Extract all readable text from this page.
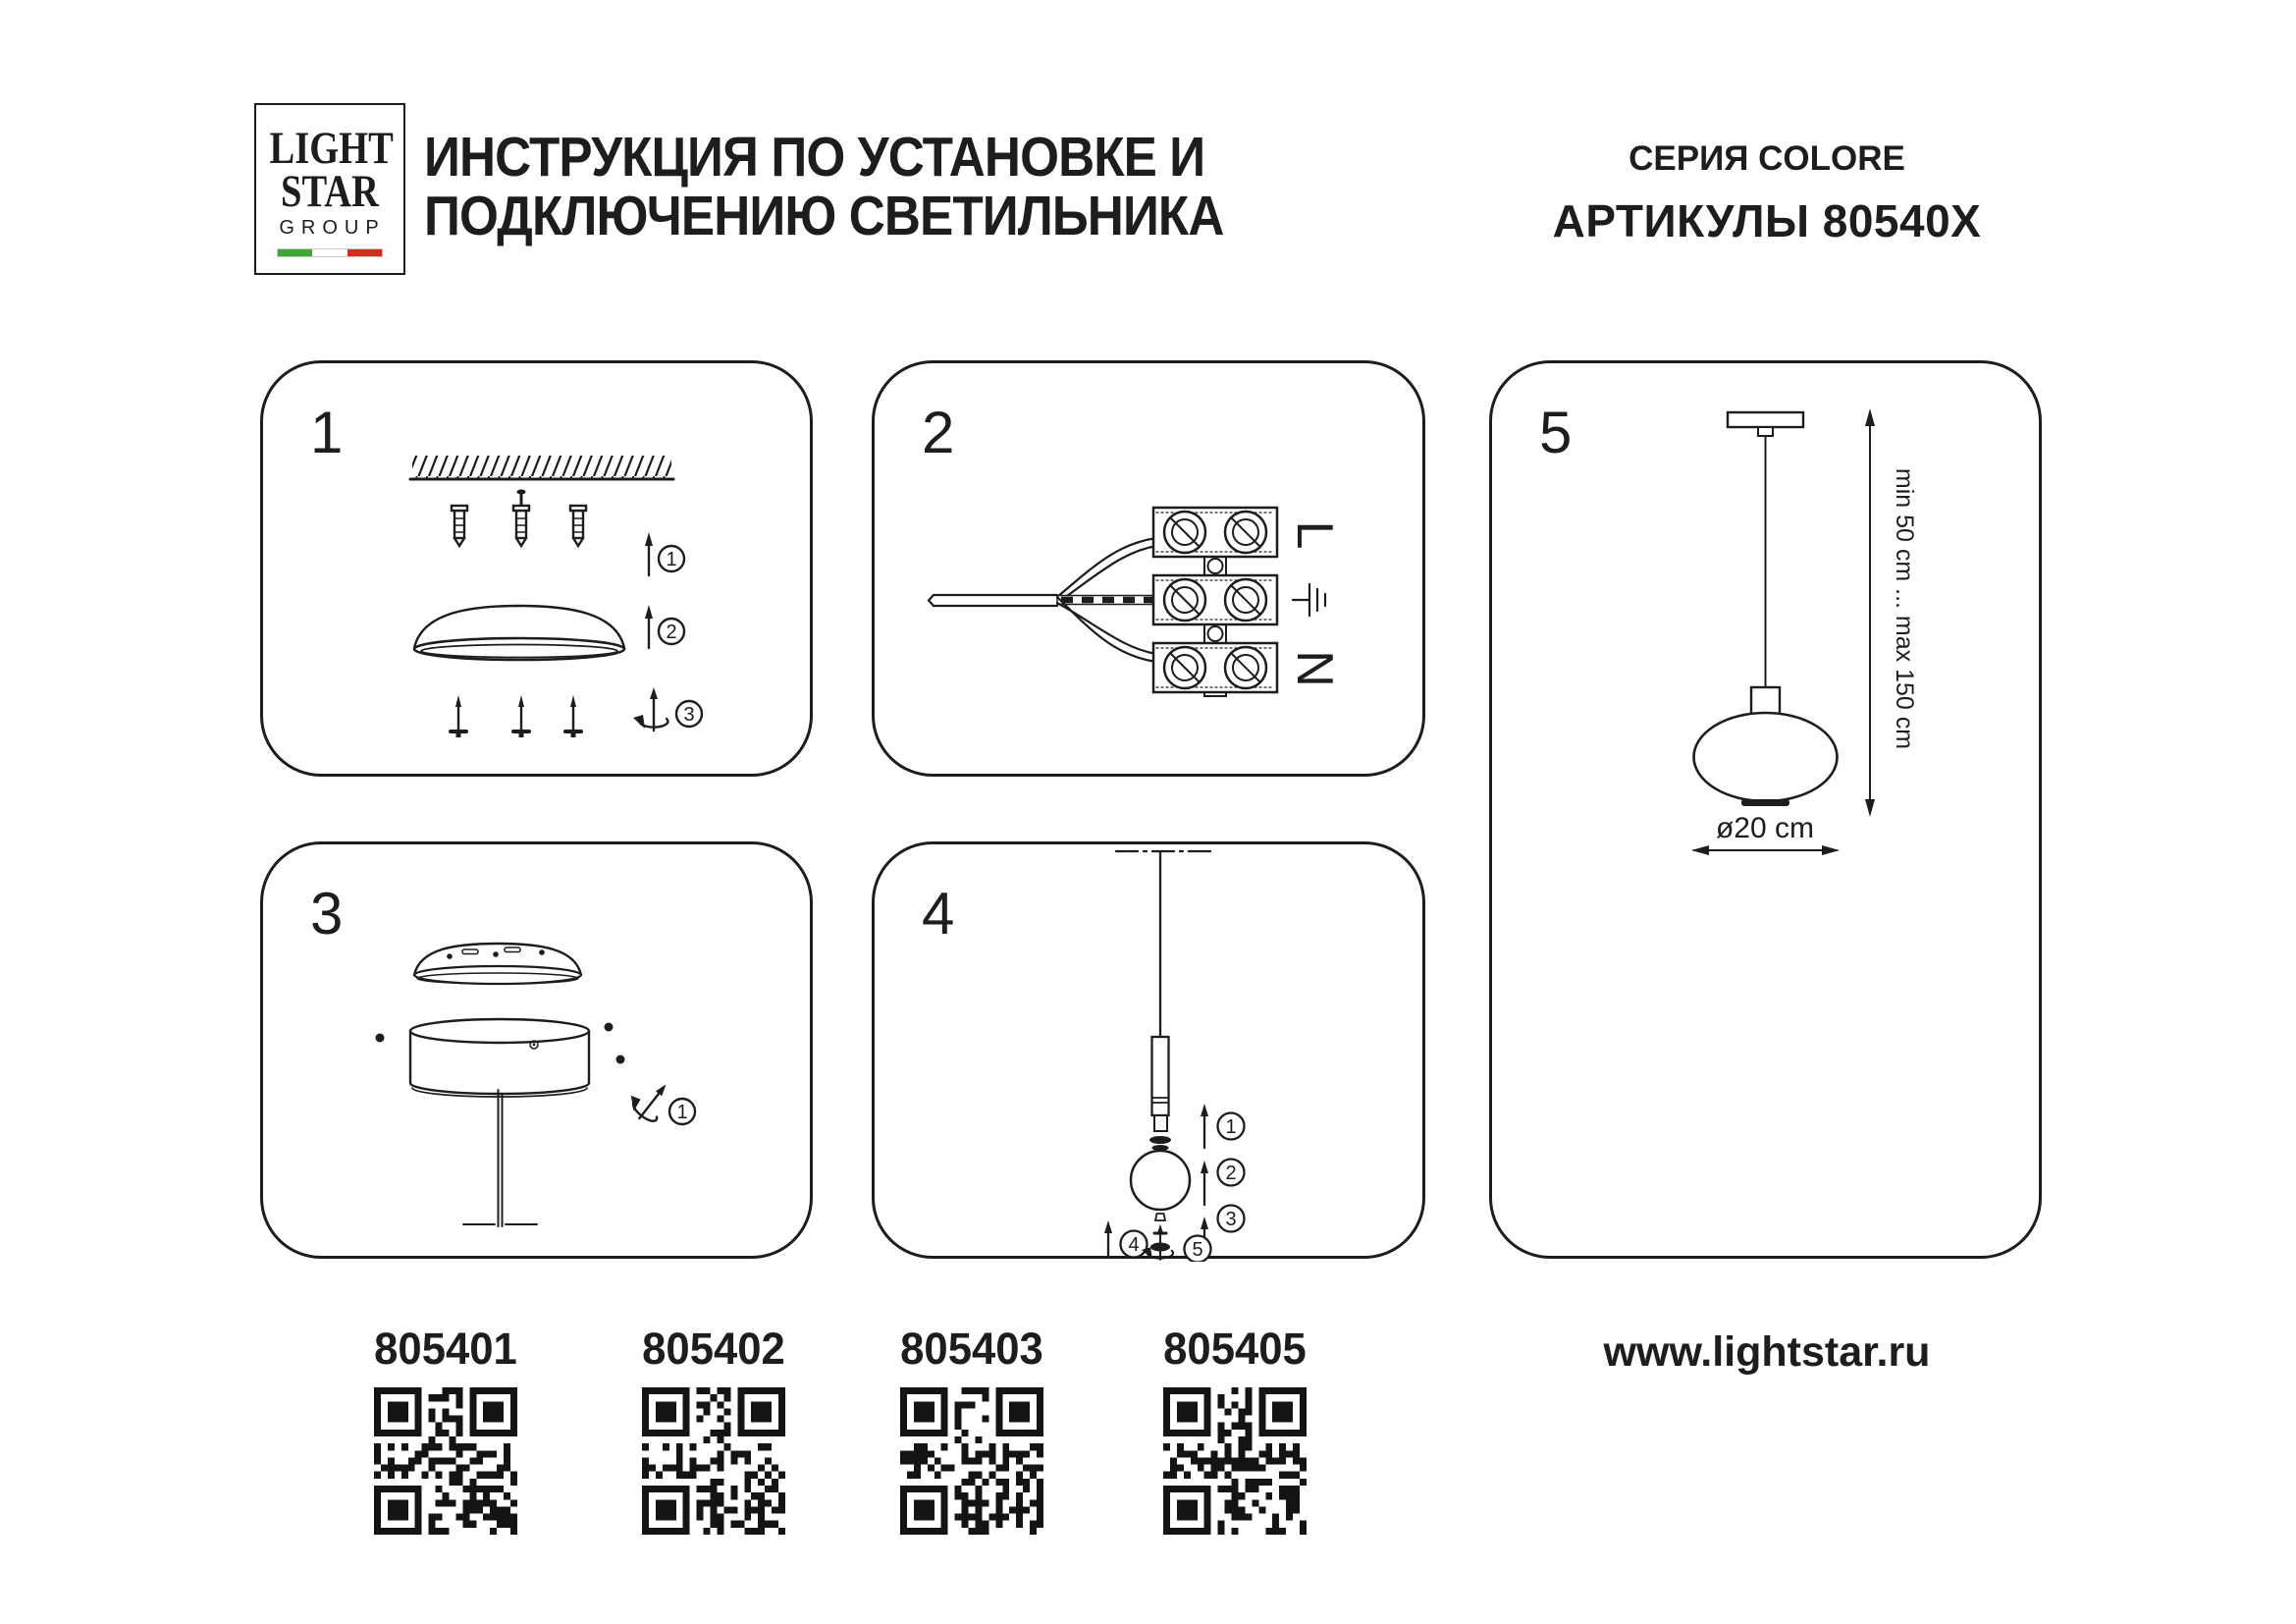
LIGHT
STAR
GROUP
ИНСТРУКЦИЯ ПО УСТАНОВКЕ И
ПОДКЛЮЧЕНИЮ СВЕТИЛЬНИКА
СЕРИЯ COLORE
АРТИКУЛЫ 80540X
1
1
2
3
2
L
N
3
1
4
1
2
3
4	5
5
ø20 cm
min 50 cm ... max 150 cm
805401	805402	805403	805405	www.lightstar.ru
